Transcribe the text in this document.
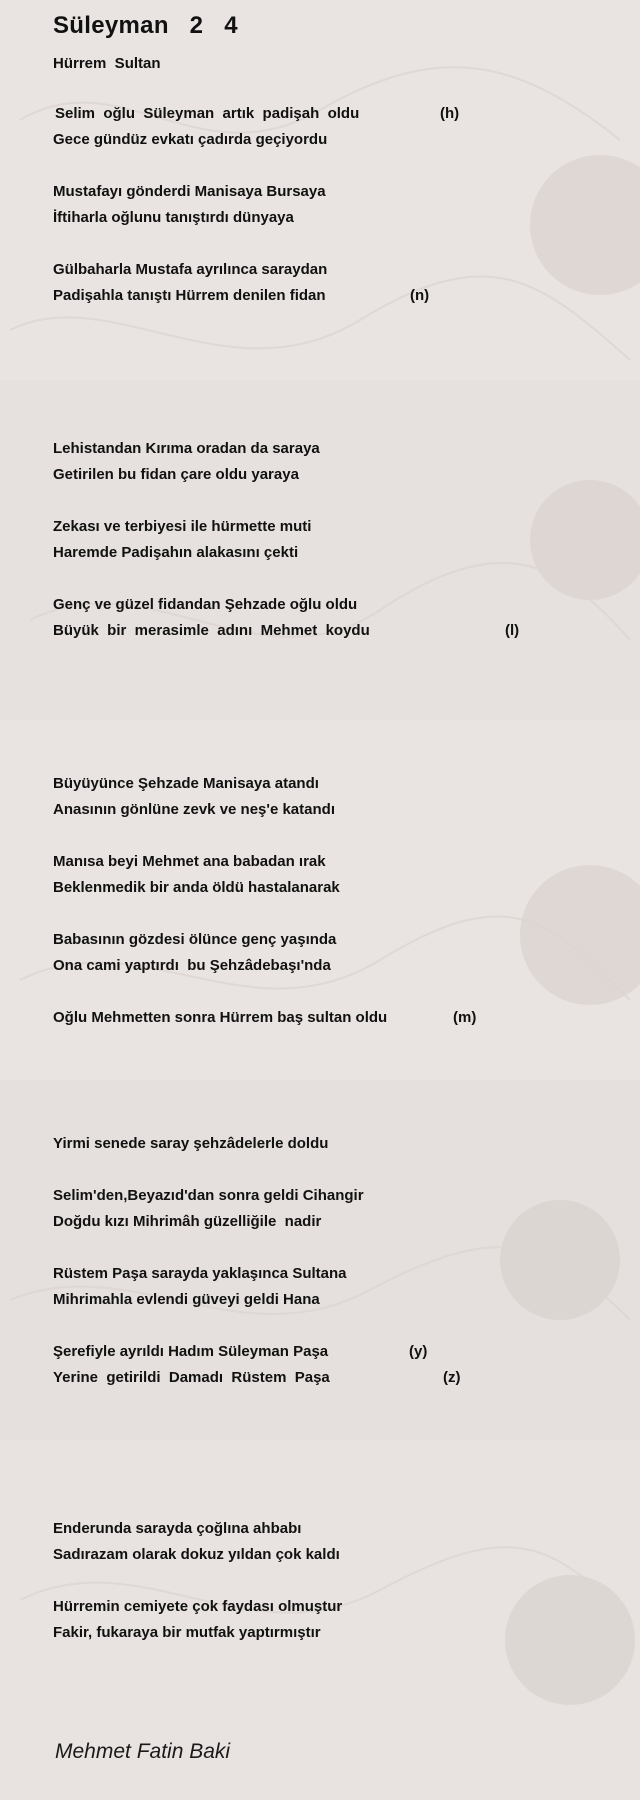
Süleyman   2   4
Hürrem  Sultan
Selim  oğlu  Süleyman  artık  padişah  oldu	(h)
Gece gündüz evkatı çadırda geçiyordu
Mustafayı gönderdi Manisaya Bursaya
İftiharla oğlunu tanıştırdı dünyaya
Gülbaharla Mustafa ayrılınca saraydan
Padişahla tanıştı Hürrem denilen fidan	(n)
Lehistandan Kırıma oradan da saraya
Getirilen bu fidan çare oldu yaraya
Zekası ve terbiyesi ile hürmette muti
Haremde Padişahın alakasını çekti
Genç ve güzel fidandan Şehzade oğlu oldu
Büyük  bir  merasimle  adını  Mehmet  koydu	(l)
Büyüyünce Şehzade Manisaya atandı
Anasının gönlüne zevk ve neş'e katandı
Manısa beyi Mehmet ana babadan ırak
Beklenmedik bir anda öldü hastalanarak
Babasının gözdesi ölünce genç yaşında
Ona cami yaptırdı  bu Şehzâdebaşı'nda
Oğlu Mehmetten sonra Hürrem baş sultan oldu	(m)
Yirmi senede saray şehzâdelerle doldu
Selim'den,Beyazıd'dan sonra geldi Cihangir
Doğdu kızı Mihrimâh güzelliğile  nadir
Rüstem Paşa sarayda yaklaşınca Sultana
Mihrimahla evlendi güveyi geldi Hana
Şerefiyle ayrıldı Hadım Süleyman Paşa	(y)
Yerine  getirildi  Damadı  Rüstem  Paşa	(z)
Enderunda sarayda çoğlına ahbabı
Sadırazam olarak dokuz yıldan çok kaldı
Hürremin cemiyete çok faydası olmuştur
Fakir, fukaraya bir mutfak yaptırmıştır
Mehmet Fatin Baki
